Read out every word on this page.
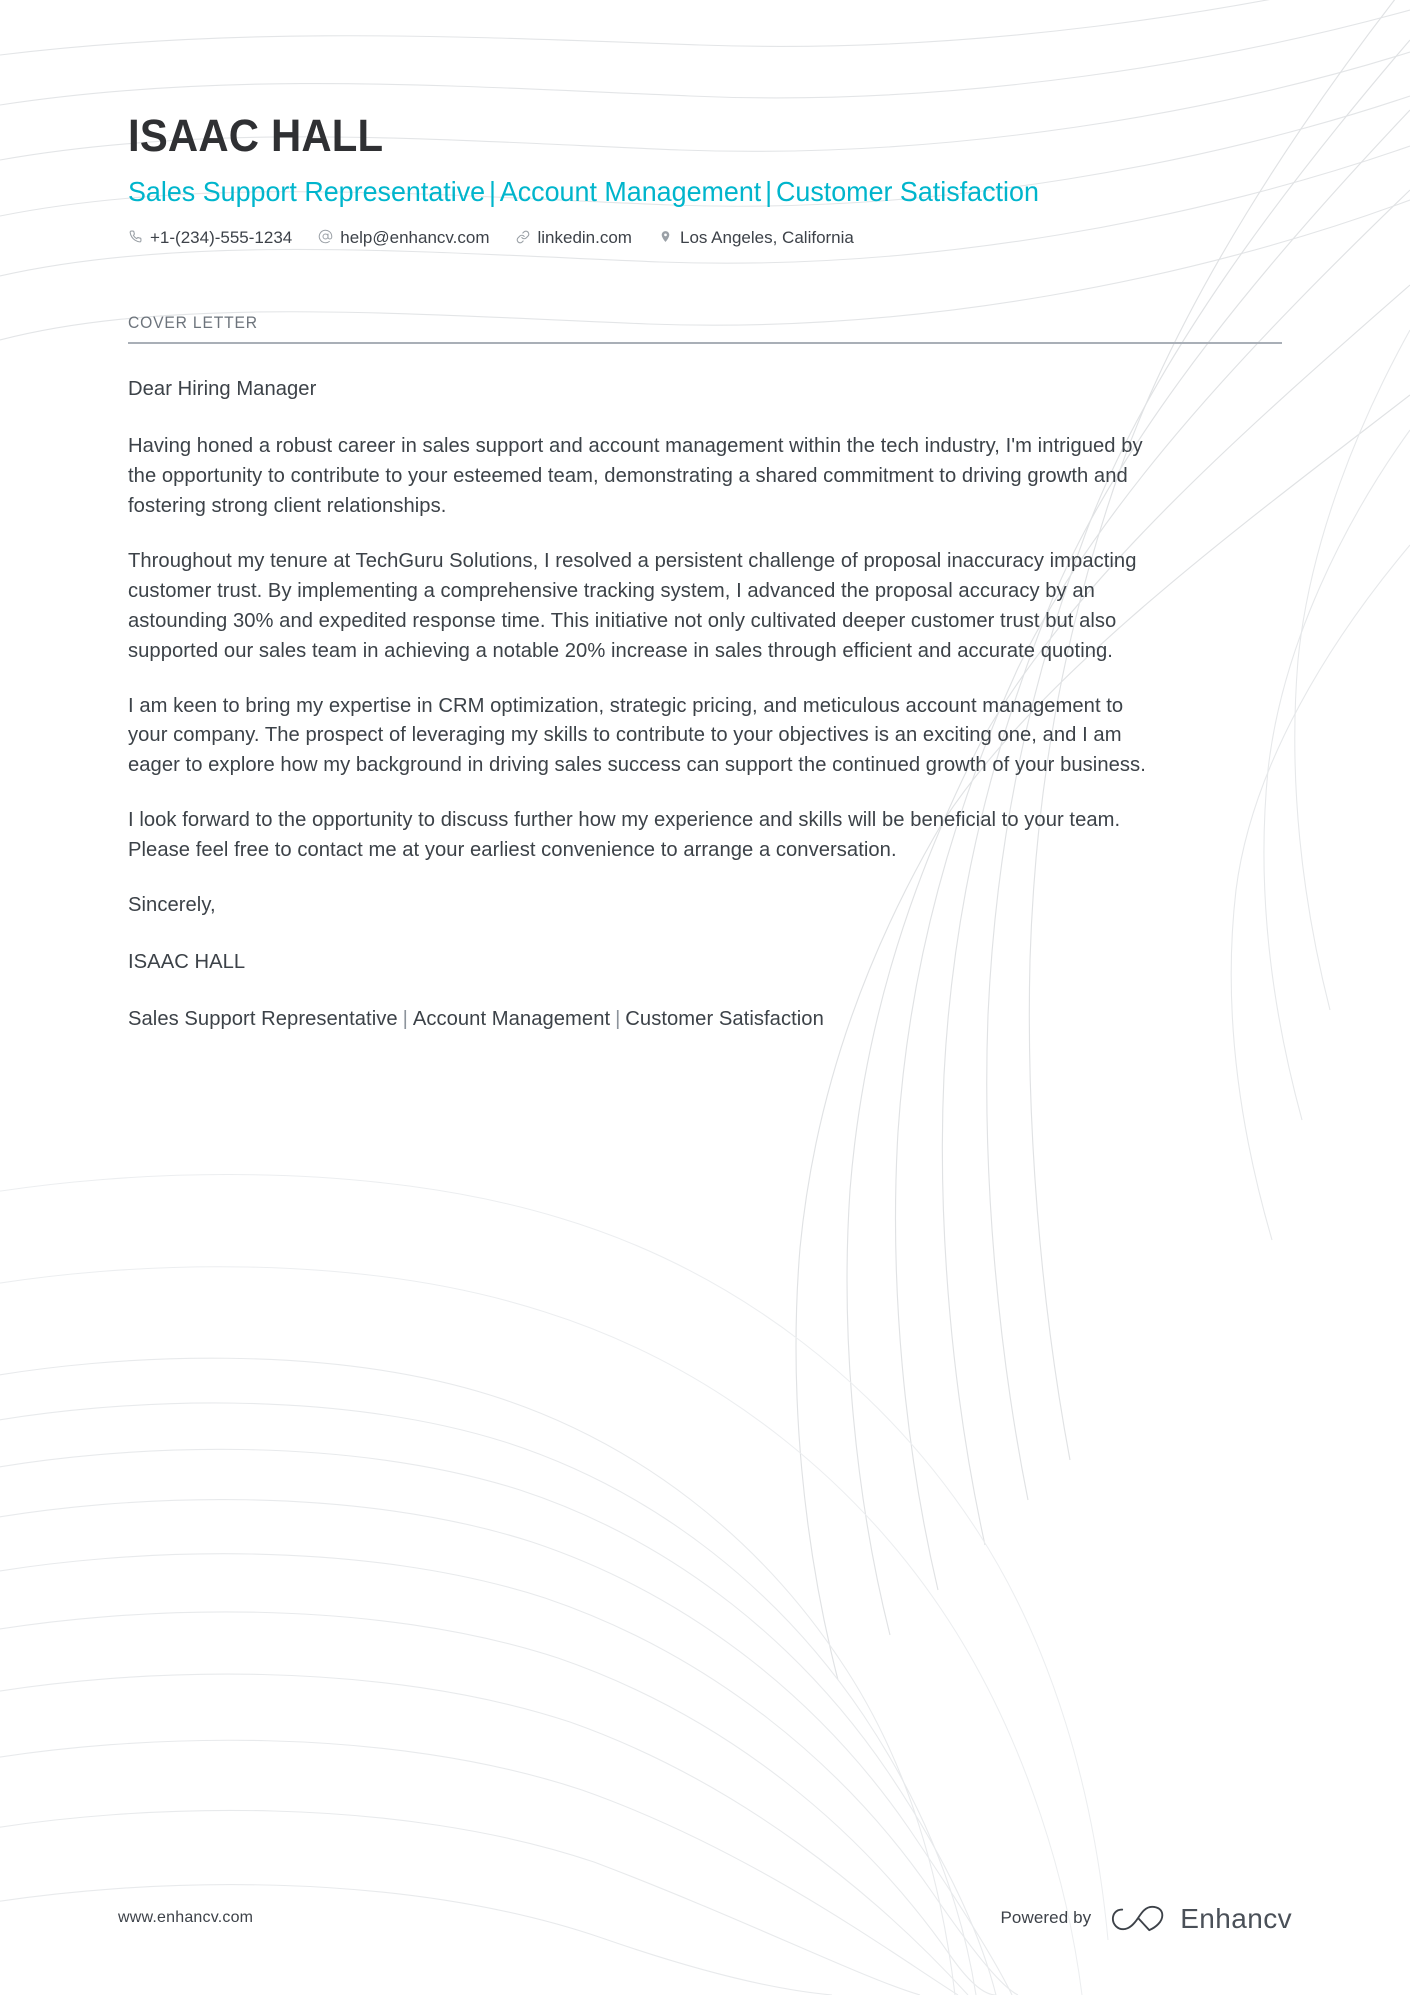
ISAAC HALL
Sales Support Representative | Account Management | Customer Satisfaction
+1-(234)-555-1234	help@enhancv.com	linkedin.com	Los Angeles, California
COVER LETTER

Dear Hiring Manager

Having honed a robust career in sales support and account management within the tech industry, I'm intrigued by the opportunity to contribute to your esteemed team, demonstrating a shared commitment to driving growth and fostering strong client relationships.

Throughout my tenure at TechGuru Solutions, I resolved a persistent challenge of proposal inaccuracy impacting customer trust. By implementing a comprehensive tracking system, I advanced the proposal accuracy by an astounding 30% and expedited response time. This initiative not only cultivated deeper customer trust but also supported our sales team in achieving a notable 20% increase in sales through efficient and accurate quoting.

I am keen to bring my expertise in CRM optimization, strategic pricing, and meticulous account management to your company. The prospect of leveraging my skills to contribute to your objectives is an exciting one, and I am eager to explore how my background in driving sales success can support the continued growth of your business.

I look forward to the opportunity to discuss further how my experience and skills will be beneficial to your team. Please feel free to contact me at your earliest convenience to arrange a conversation.

Sincerely,

ISAAC HALL

Sales Support Representative | Account Management | Customer Satisfaction

www.enhancv.com	Powered by	Enhancv
